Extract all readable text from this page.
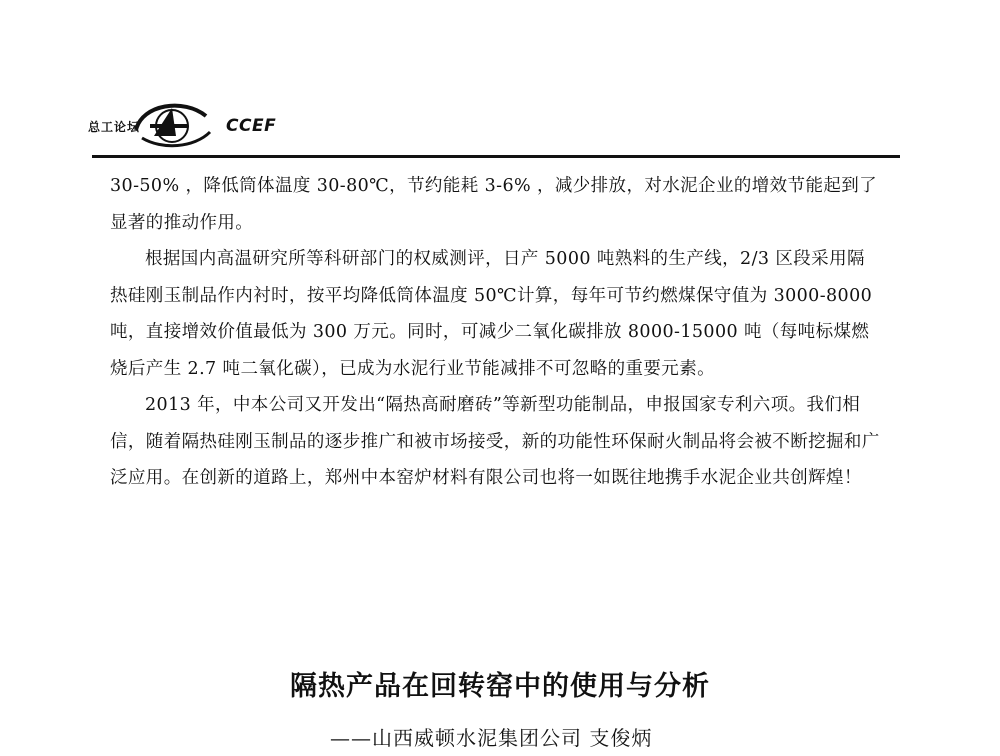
总工论坛	CCEF

30-50% ，降低筒体温度 30-80℃，节约能耗 3-6% ，减少排放，对水泥企业的增效节能起到了显著的推动作用。

根据国内高温研究所等科研部门的权威测评，日产 5000 吨熟料的生产线，2/3 区段采用隔热硅刚玉制品作内衬时，按平均降低筒体温度 50℃计算，每年可节约燃煤保守值为 3000-8000 吨，直接增效价值最低为 300 万元。同时，可减少二氧化碳排放 8000-15000 吨（每吨标煤燃烧后产生 2.7 吨二氧化碳），已成为水泥行业节能减排不可忽略的重要元素。

2013 年，中本公司又开发出“隔热高耐磨砖”等新型功能制品，申报国家专利六项。我们相信，随着隔热硅刚玉制品的逐步推广和被市场接受，新的功能性环保耐火制品将会被不断挖掘和广泛应用。在创新的道路上，郑州中本窑炉材料有限公司也将一如既往地携手水泥企业共创辉煌！

隔热产品在回转窑中的使用与分析
——山西威顿水泥集团公司 支俊炳
